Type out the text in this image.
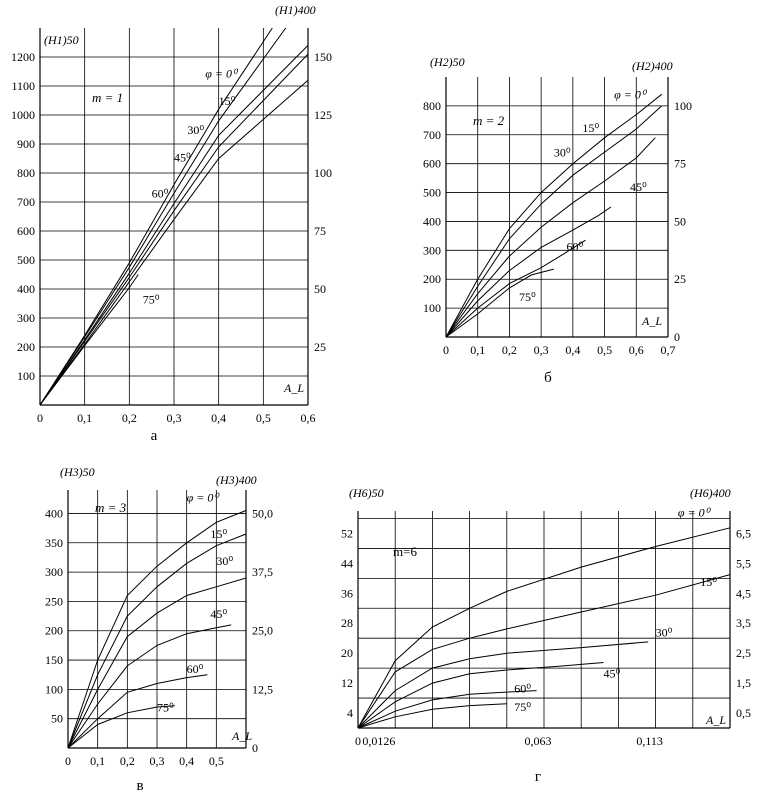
0	0,1 0,2 0,3 0,4 0,5 0,6
100
200
300
400
500
600
700
800
900
1000
1100
1200
25
50
75
100
125
150
φ = 0⁰
15⁰
30⁰
45⁰
60⁰
75⁰
(H1)50
(H1)400
m = 1
A_L
а
0 0,1 0,2 0,3 0,4 0,5 0,6 0,7
100
200
300
400
500
600
700
800
0
25
50
75
100
φ = 0⁰
15⁰
30⁰
45⁰
60⁰
75⁰
(H2)50	(H2)400
m = 2
A_L
б
0 0,1 0,2 0,3 0,4 0,5
50
100
150
200
250
300
350
400
0
12,5
25,0
37,5
50,0
φ = 0⁰
15⁰
30⁰
45⁰
60⁰
75⁰
(H3)50
(H3)400
m = 3
A_L
в
0 0,0126	0,063	0,113
4
12
20
28
36
44
52
0,5
1,5
2,5
3,5
4,5
5,5
6,5
φ = 0⁰
15⁰
30⁰
45⁰
60⁰
75⁰
(H6)50	(H6)400
m=6
A_L
г
